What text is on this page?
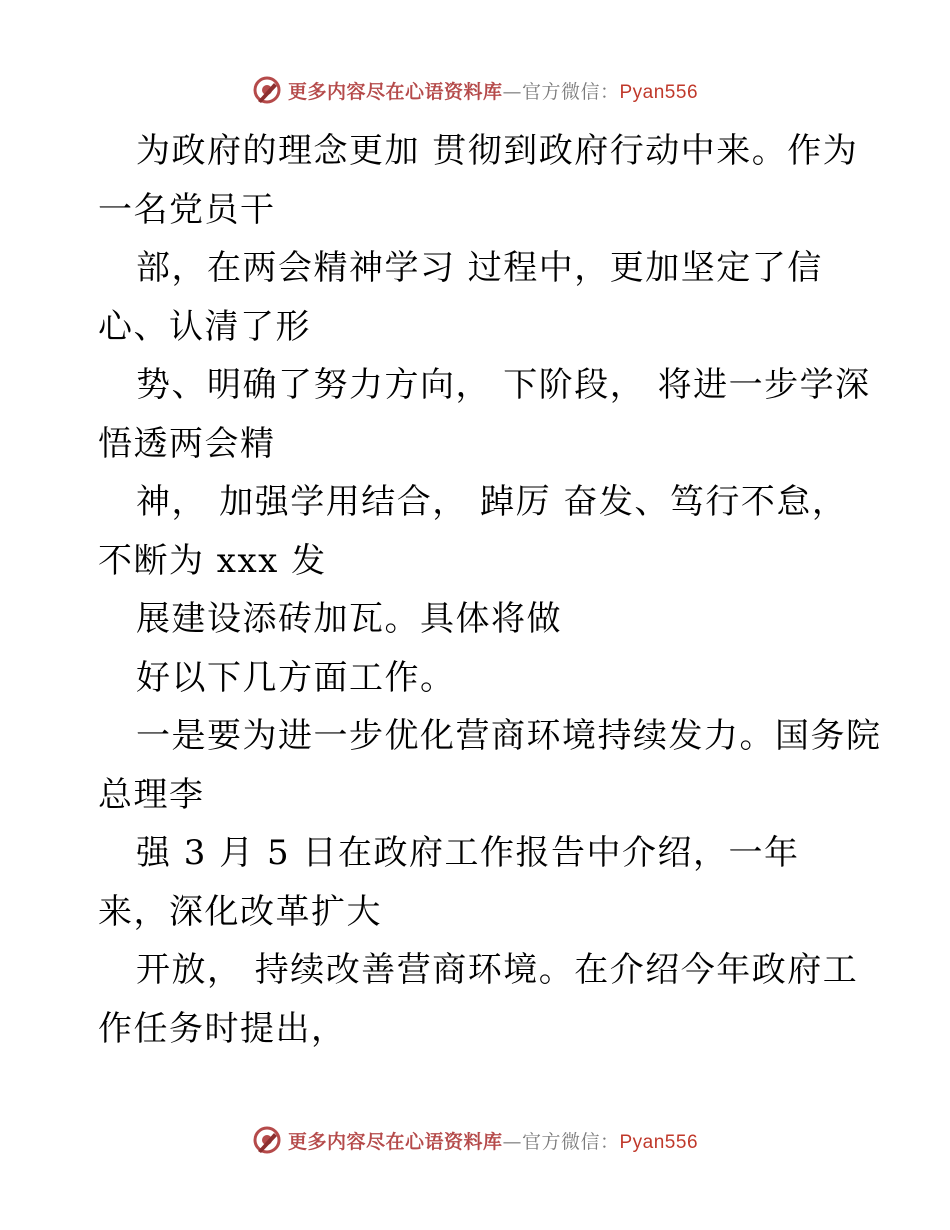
更多内容尽在心语资料库—官方微信：Pyan556
为政府的理念更加 贯彻到政府行动中来。作为
一名党员干
部，在两会精神学习 过程中，更加坚定了信
心、认清了形
势、明确了努力方向， 下阶段， 将进一步学深
悟透两会精
神， 加强学用结合， 踔厉 奋发、笃行不怠，
不断为 xxx 发
展建设添砖加瓦。具体将做
好以下几方面工作。
一是要为进一步优化营商环境持续发力。国务院
总理李
强 3 月 5 日在政府工作报告中介绍，一年
来，深化改革扩大
开放， 持续改善营商环境。在介绍今年政府工
作任务时提出，
更多内容尽在心语资料库—官方微信：Pyan556
